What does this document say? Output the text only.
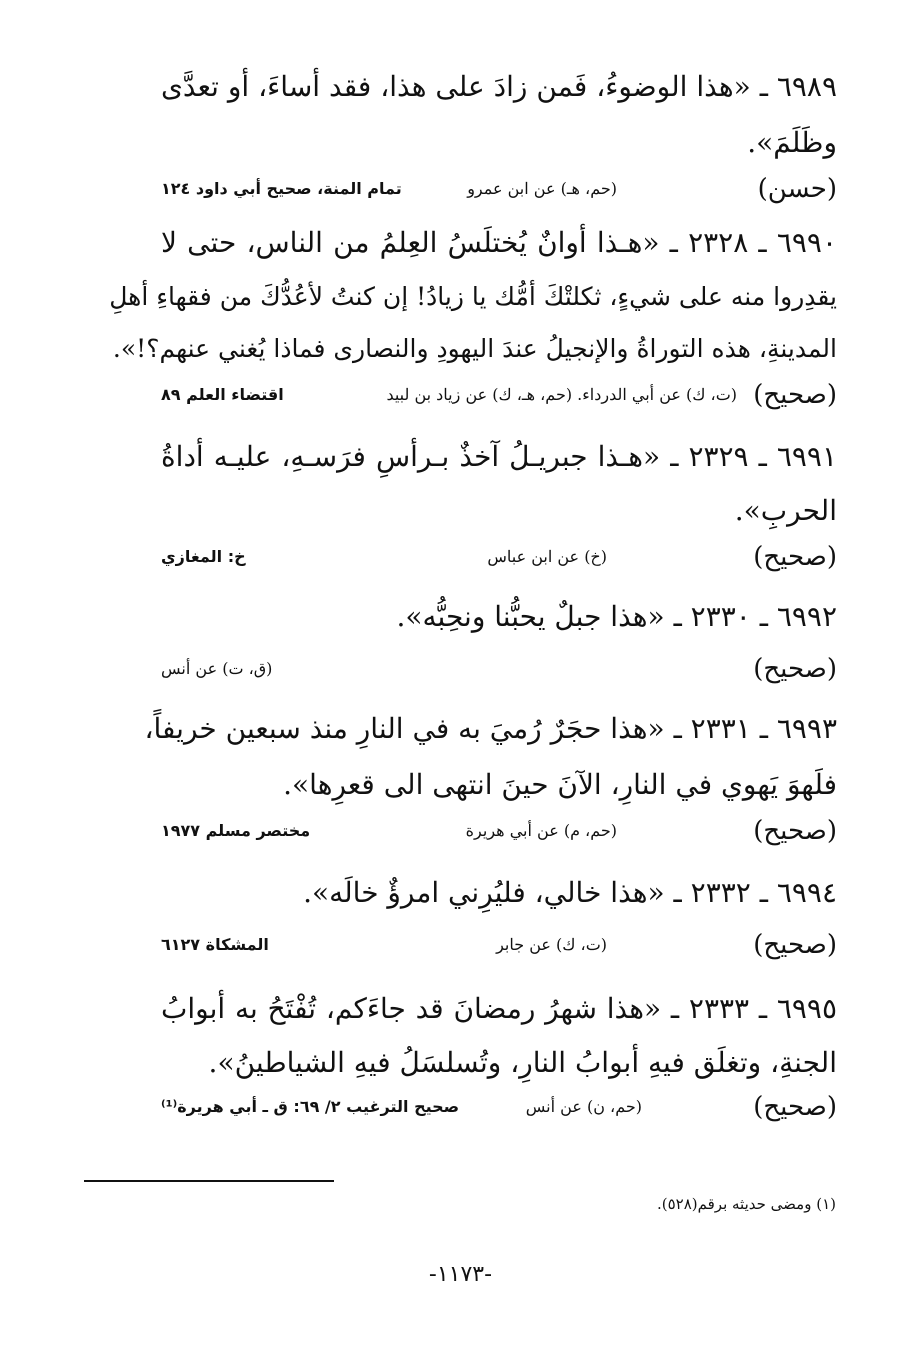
٦٩٨٩ ـ «هذا الوضوءُ، فَمن زادَ على هذا، فقد أساءَ، أو تعدَّى
وظَلَمَ».
( حسن )
(حم، هـ) عن ابن عمرو
تمام المنة، صحيح أبي داود ١٢٤
٦٩٩٠ ـ ٢٣٢٨ ـ «هـذا أوانٌ يُختلَسُ العِلمُ من الناس، حتى لا
يقدِروا منه على شيءٍ، ثكلتْكَ أمُّك يا زيادُ! إن كنتُ لأعُدُّكَ من فقهاءِ أهلِ
المدينةِ، هذه التوراةُ والإنجيلُ عندَ اليهودِ والنصارى فماذا يُغني عنهم؟!».
( صحيح )
(ت، ك) عن أبي الدرداء. (حم، هـ، ك) عن زياد بن لبيد
اقتضاء العلم ٨٩
٦٩٩١ ـ ٢٣٢٩ ـ «هـذا جبريـلُ آخذٌ بـرأسِ فرَسـهِ، عليـه أداةُ
الحربِ».
( صحيح )
(خ) عن ابن عباس
خ: المغازي
٦٩٩٢ ـ ٢٣٣٠ ـ «هذا جبلٌ يحبُّنا ونحِبُّه».
( صحيح )
(ق، ت) عن أنس
٦٩٩٣ ـ ٢٣٣١ ـ «هذا حجَرٌ رُميَ به في النارِ منذ سبعين خريفاً،
فلَهوَ يَهوي في النارِ، الآنَ حينَ انتهى الى قعرِها».
( صحيح )
(حم، م) عن أبي هريرة
مختصر مسلم ١٩٧٧
٦٩٩٤ ـ ٢٣٣٢ ـ «هذا خالي، فليُرِني امرؤٌ خالَه».
( صحيح )
(ت، ك) عن جابر
المشكاة ٦١٢٧
٦٩٩٥ ـ ٢٣٣٣ ـ «هذا شهرُ رمضانَ قد جاءَكم، تُفْتَحُ به أبوابُ
الجنةِ، وتغلَق فيهِ أبوابُ النارِ، وتُسلسَلُ فيهِ الشياطينُ».
( صحيح )
(حم، ن) عن أنس
صحيح الترغيب ٢/ ٦٩: ق ـ أبي هريرة⁽¹⁾
(١) ومضى حديثه برقم(٥٢٨).
-١١٧٣-
